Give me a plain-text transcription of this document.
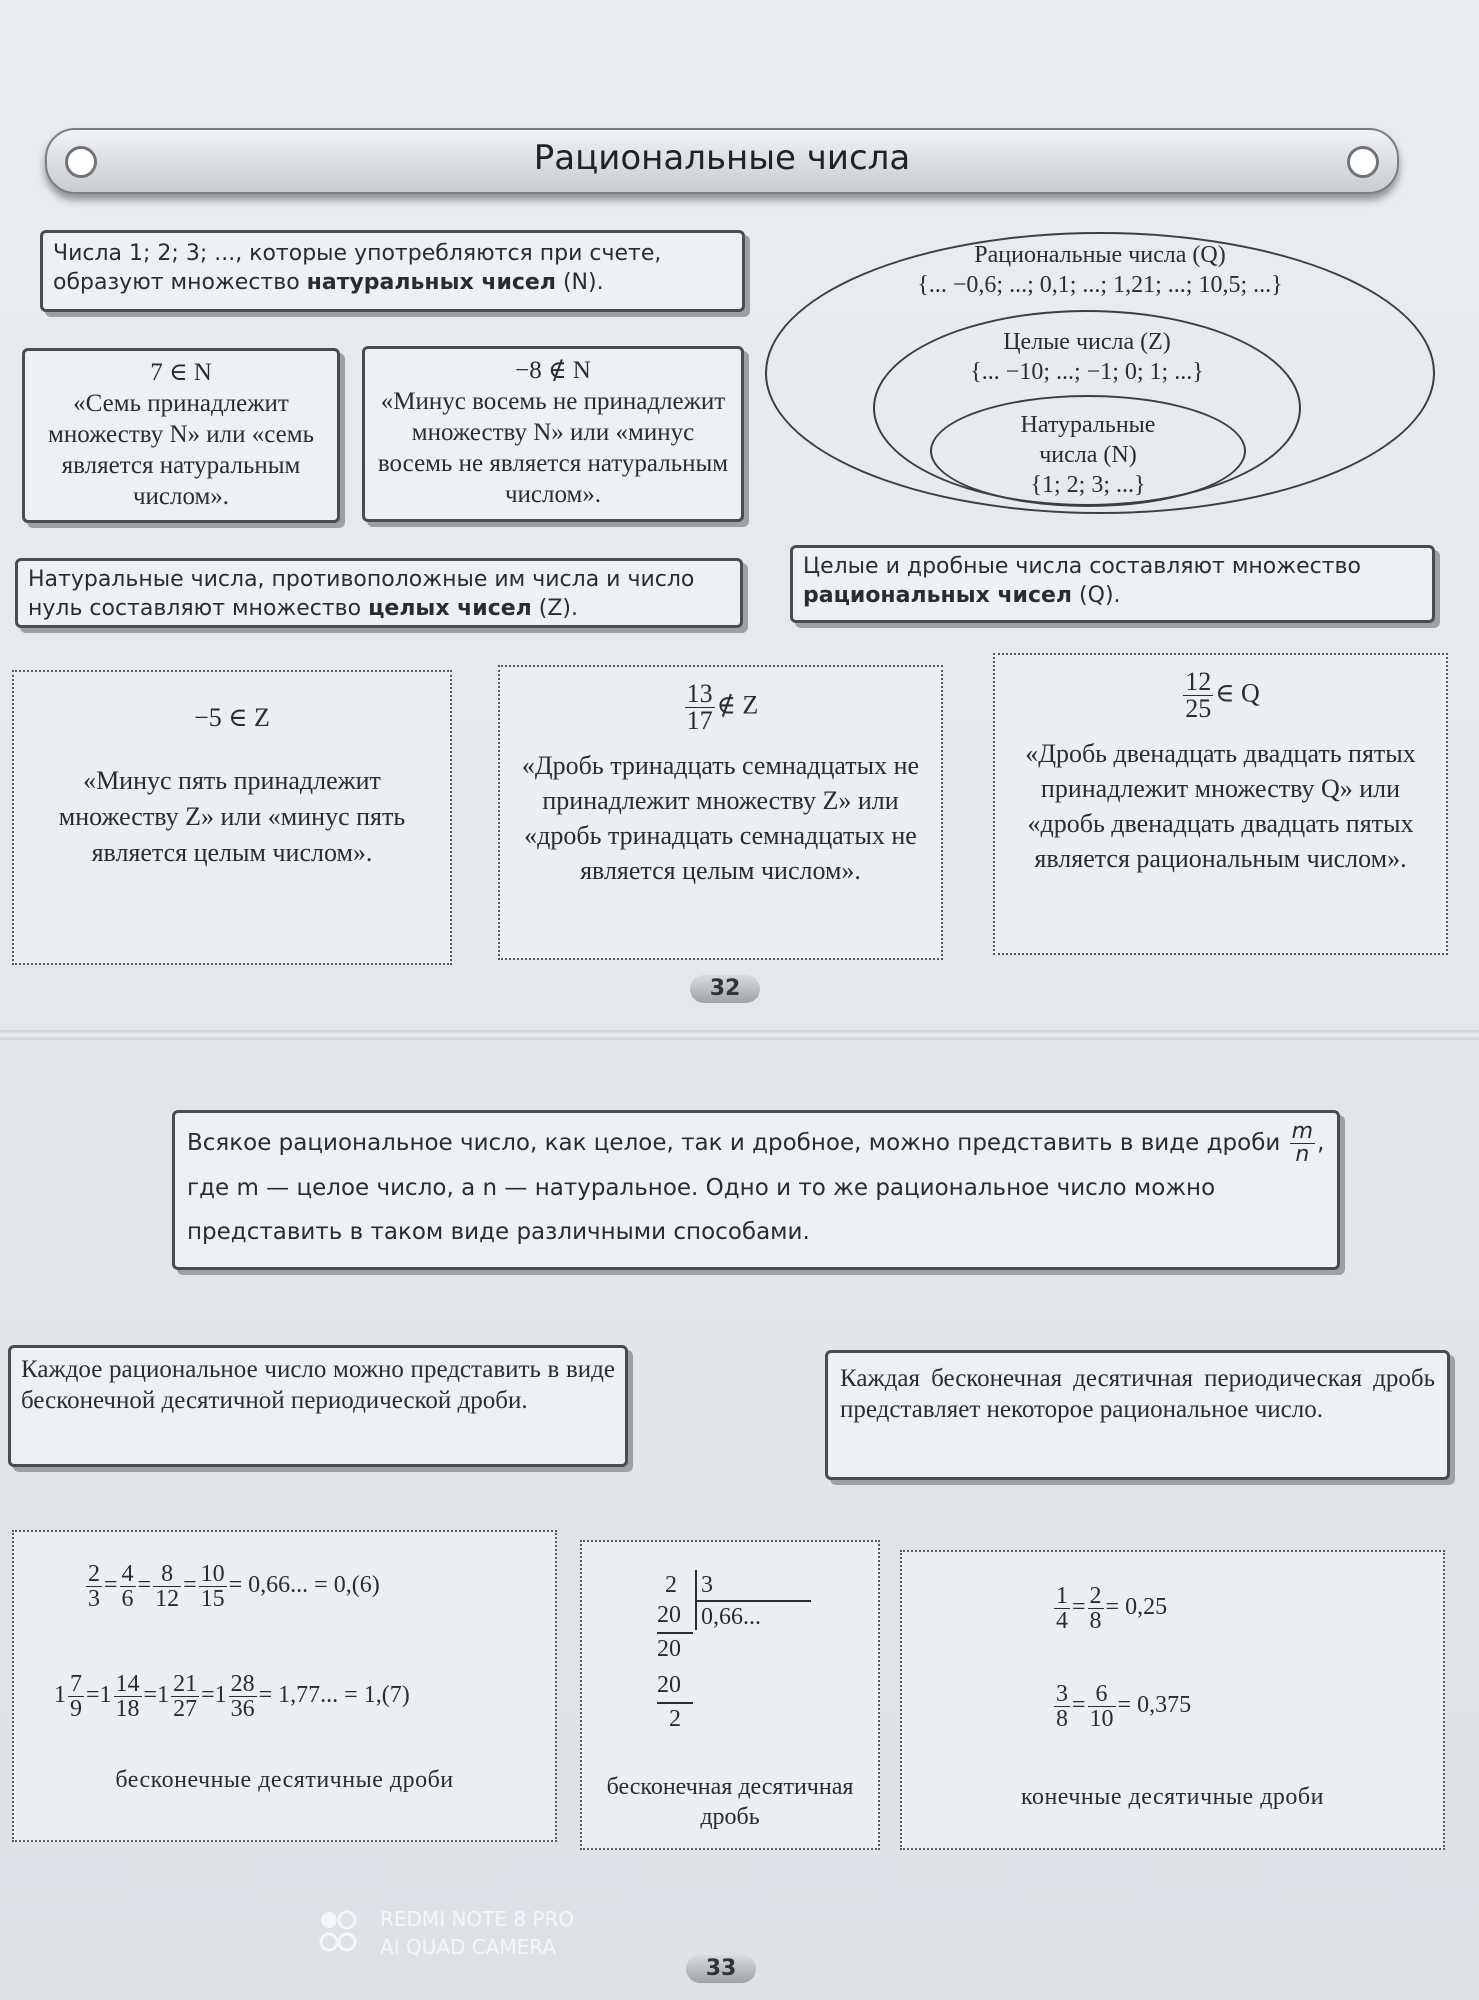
Рациональные числа
Числа 1; 2; 3; ..., которые употребляются при счете, образуют множество натуральных чисел (N).
7 ∈ N
«Семь принадлежит множеству N» или «семь является натуральным числом».
−8 ∉ N
«Минус восемь не принадлежит множеству N» или «минус восемь не является натуральным числом».
Рациональные числа (Q)
{... −0,6; ...; 0,1; ...; 1,21; ...; 10,5; ...}
Целые числа (Z)
{... −10; ...; −1; 0; 1; ...}
Натуральные числа (N)
{1; 2; 3; ...}
Натуральные числа, противоположные им числа и число нуль составляют множество целых чисел (Z).
Целые и дробные числа составляют множество рациональных чисел (Q).
−5 ∈ Z
«Минус пять принадлежит множеству Z» или «минус пять является целым числом».
$\frac{13}{17}$ ∉ Z
«Дробь тринадцать семнадцатых не принадлежит множеству Z» или «дробь тринадцать семнадцатых не является целым числом».
$\frac{12}{25}$ ∈ Q
«Дробь двенадцать двадцать пятых принадлежит множеству Q» или «дробь двенадцать двадцать пятых является рациональным числом».
32
Всякое рациональное число, как целое, так и дробное, можно представить в виде дроби $\frac{m}{n}$ , где m — целое число, а n — натуральное. Одно и то же рациональное число можно представить в таком виде различными способами.
Каждое рациональное число можно представить в виде бесконечной десятичной периодической дроби.
Каждая бесконечная десятичная периодическая дробь представляет некоторое рациональное число.
$\frac{2}{3} = \frac{4}{6} = \frac{8}{12} = \frac{10}{15} = 0,66$... = 0,(6)
$1 \frac{7}{9} =1 \frac{14}{18} =1 \frac{21}{27} =1 \frac{28}{36} = 1,77$... = 1,(7)
бесконечные десятичные дроби
2 3
20 0,66...
20
20
2
бесконечная десятичная дробь
$\frac{1}{4} = \frac{2}{8} = 0,25$
$\frac{3}{8} = \frac{6}{10} = 0,375$
конечные десятичные дроби
REDMI NOTE 8 PRO
AI QUAD CAMERA
33
